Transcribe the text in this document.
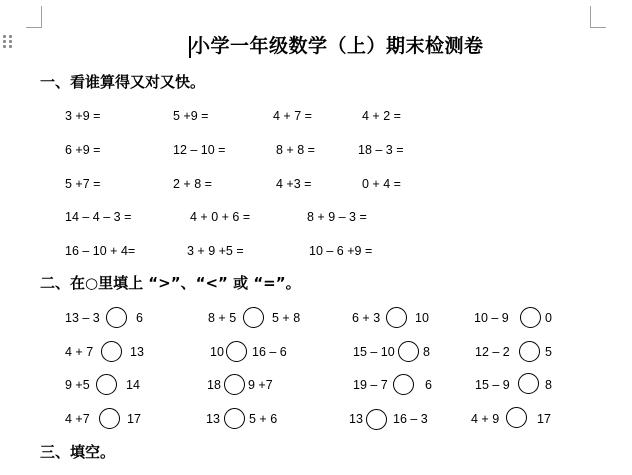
小学一年级数学（上）期末检测卷
一、看谁算得又对又快。
3 +9 =	5 +9 =	4 + 7 =	4 + 2 =
6 +9 =	12 – 10 =	8 + 8 =	18 – 3 =
5 +7 =	2 + 8 =	4 +3 =	0 + 4 =
14 – 4 – 3 =	4 + 0 + 6 =	8 + 9 – 3 =
16 – 10 + 4=	3 + 9 +5 =	10 – 6 +9 =
二、在○里填上 “>”、“<” 或 “=”。
13 – 3	6	8 + 5	5 + 8	6 + 3	10	10 – 9	0
4 + 7	13	10 16 – 6	15 – 10 8	12 – 2	5
9 +5	14	18 9 +7	19 – 7	6	15 – 9	8
4 +7	17	13 5 + 6	13 16 – 3	4 + 9	17
三、填空。
